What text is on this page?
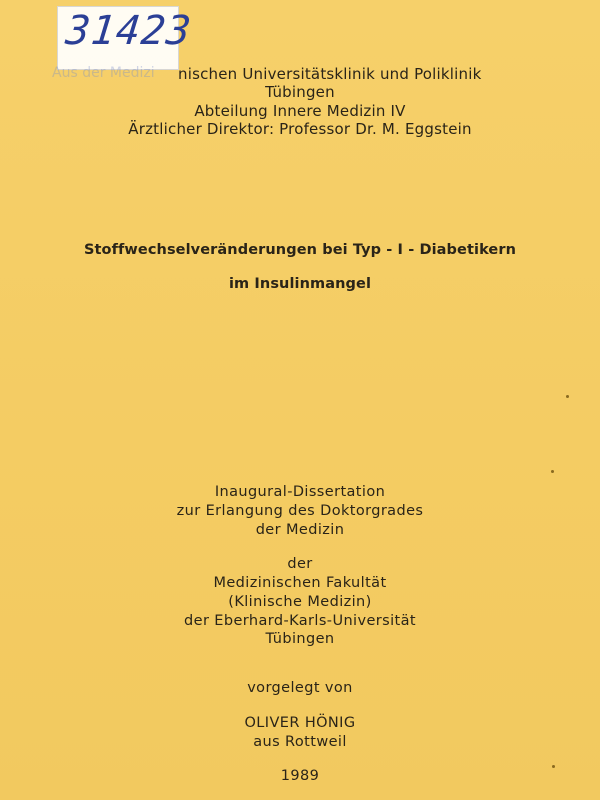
31423
Aus der Medizi nischen Universitätsklinik und Poliklinik
Tübingen
Abteilung Innere Medizin IV
Ärztlicher Direktor: Professor Dr. M. Eggstein
Stoffwechselveränderungen bei Typ - I - Diabetikern
im Insulinmangel
Inaugural-Dissertation
zur Erlangung des Doktorgrades
der Medizin
der
Medizinischen Fakultät
(Klinische Medizin)
der Eberhard-Karls-Universität
Tübingen
vorgelegt von
OLIVER HÖNIG
aus Rottweil
1989
